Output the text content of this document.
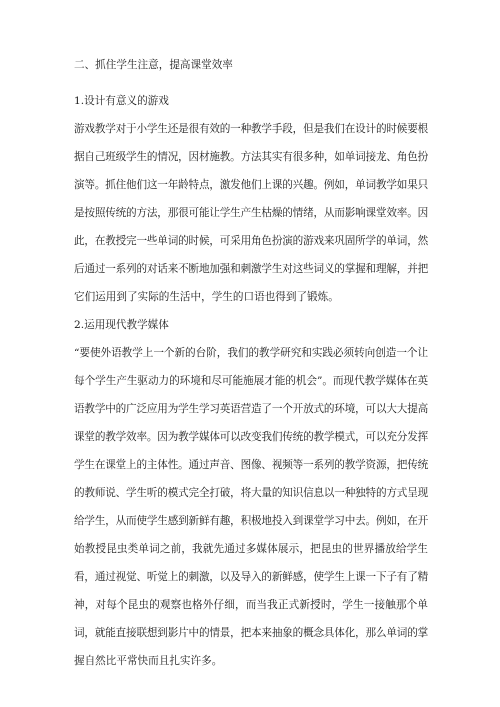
二、抓住学生注意，提高课堂效率
1.设计有意义的游戏
游戏教学对于小学生还是很有效的一种教学手段，但是我们在设计的时候要根
据自己班级学生的情况，因材施教。方法其实有很多种，如单词接龙、角色扮
演等。抓住他们这一年龄特点，激发他们上课的兴趣。例如，单词教学如果只
是按照传统的方法，那很可能让学生产生枯燥的情绪，从而影响课堂效率。因
此，在教授完一些单词的时候，可采用角色扮演的游戏来巩固所学的单词，然
后通过一系列的对话来不断地加强和刺激学生对这些词义的掌握和理解，并把
它们运用到了实际的生活中，学生的口语也得到了锻炼。
2.运用现代教学媒体
“要使外语教学上一个新的台阶，我们的教学研究和实践必须转向创造一个让
每个学生产生驱动力的环境和尽可能施展才能的机会”。而现代教学媒体在英
语教学中的广泛应用为学生学习英语营造了一个开放式的环境，可以大大提高
课堂的教学效率。因为教学媒体可以改变我们传统的教学模式，可以充分发挥
学生在课堂上的主体性。通过声音、图像、视频等一系列的教学资源，把传统
的教师说、学生听的模式完全打破，将大量的知识信息以一种独特的方式呈现
给学生，从而使学生感到新鲜有趣，积极地投入到课堂学习中去。例如，在开
始教授昆虫类单词之前，我就先通过多媒体展示，把昆虫的世界播放给学生
看，通过视觉、听觉上的刺激，以及导入的新鲜感，使学生上课一下子有了精
神，对每个昆虫的观察也格外仔细，而当我正式新授时，学生一接触那个单
词，就能直接联想到影片中的情景，把本来抽象的概念具体化，那么单词的掌
握自然比平常快而且扎实许多。
